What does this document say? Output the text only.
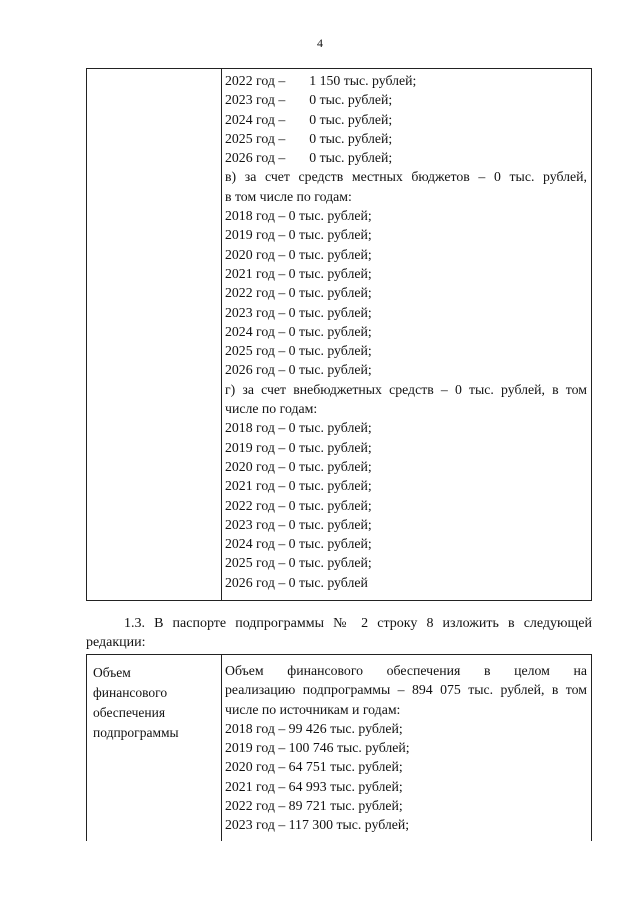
4
2022 год – 1 150 тыс. рублей;
2023 год – 0 тыс. рублей;
2024 год – 0 тыс. рублей;
2025 год – 0 тыс. рублей;
2026 год – 0 тыс. рублей;
в) за счет средств местных бюджетов – 0 тыс. рублей,
в том числе по годам:
2018 год – 0 тыс. рублей;
2019 год – 0 тыс. рублей;
2020 год – 0 тыс. рублей;
2021 год – 0 тыс. рублей;
2022 год – 0 тыс. рублей;
2023 год – 0 тыс. рублей;
2024 год – 0 тыс. рублей;
2025 год – 0 тыс. рублей;
2026 год – 0 тыс. рублей;
г) за счет внебюджетных средств – 0 тыс. рублей, в том
числе по годам:
2018 год – 0 тыс. рублей;
2019 год – 0 тыс. рублей;
2020 год – 0 тыс. рублей;
2021 год – 0 тыс. рублей;
2022 год – 0 тыс. рублей;
2023 год – 0 тыс. рублей;
2024 год – 0 тыс. рублей;
2025 год – 0 тыс. рублей;
2026 год – 0 тыс. рублей
1.3. В паспорте подпрограммы № 2 строку 8 изложить в следующей
редакции:
Объем
финансового
обеспечения
подпрограммы
Объем финансового обеспечения в целом на
реализацию подпрограммы – 894 075 тыс. рублей, в том
числе по источникам и годам:
2018 год – 99 426 тыс. рублей;
2019 год – 100 746 тыс. рублей;
2020 год – 64 751 тыс. рублей;
2021 год – 64 993 тыс. рублей;
2022 год – 89 721 тыс. рублей;
2023 год – 117 300 тыс. рублей;
